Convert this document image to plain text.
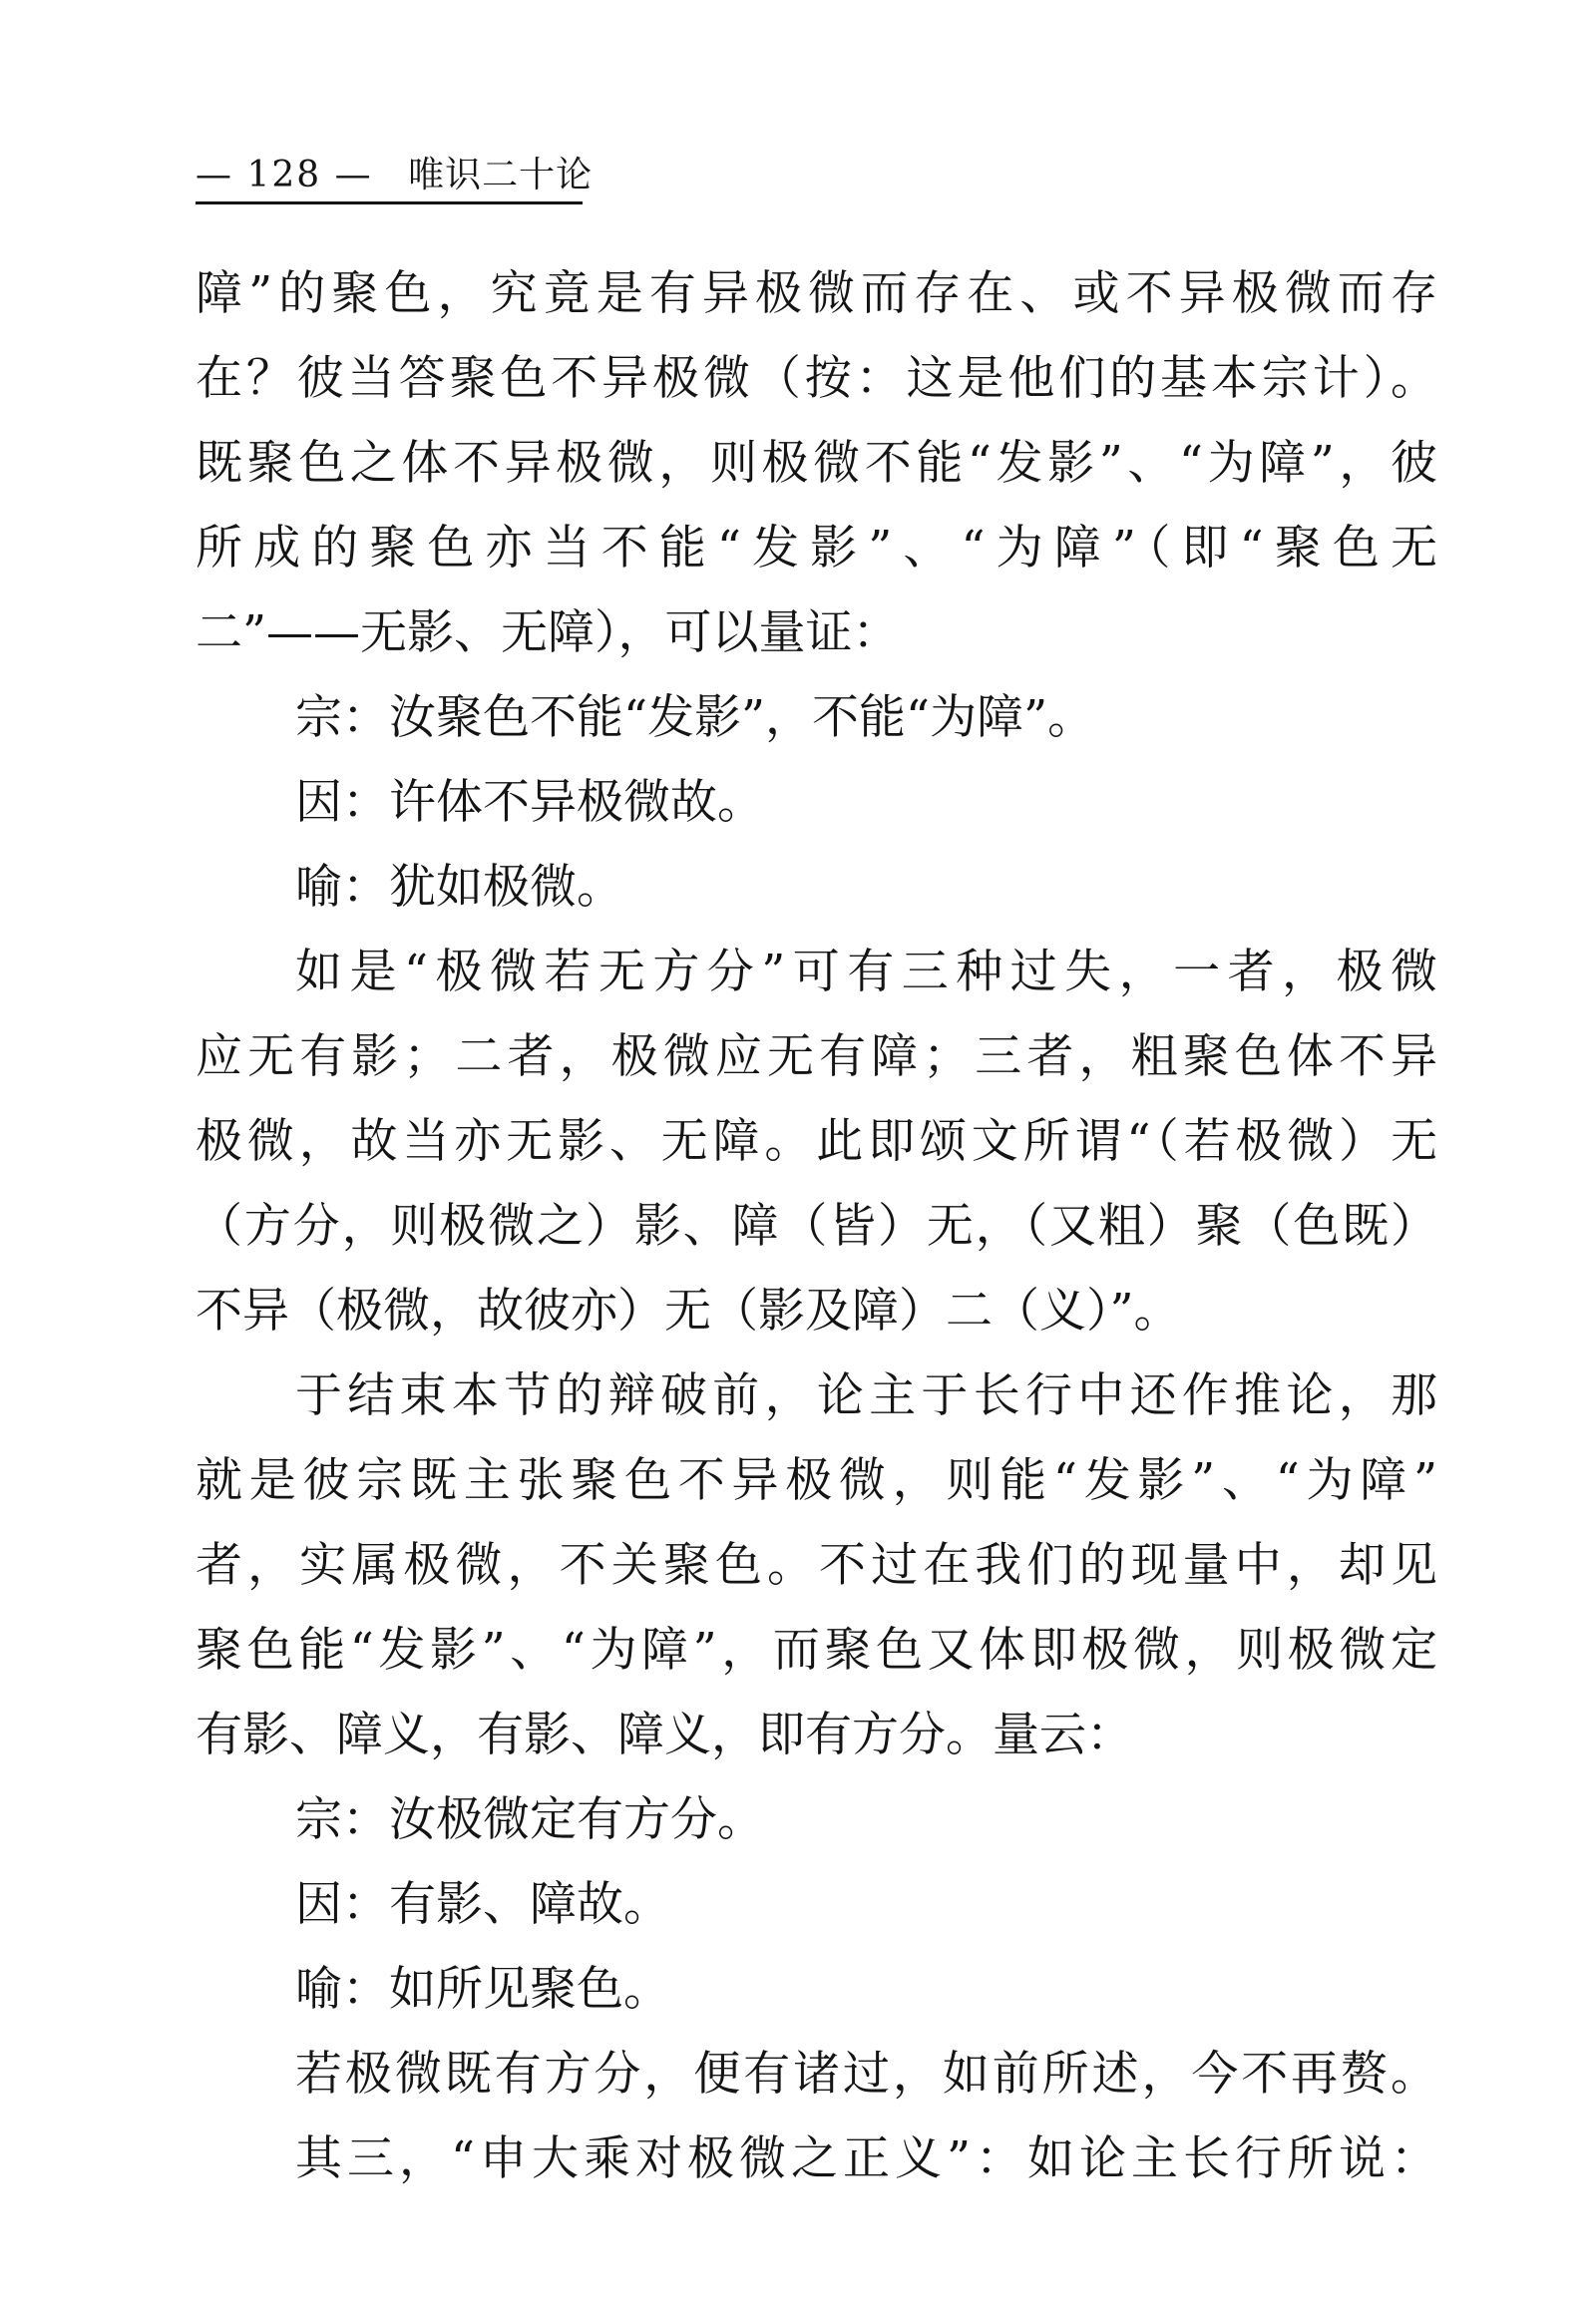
— 128 — 唯识二十论
障”的聚色，究竟是有异极微而存在、或不异极微而存
在？彼当答聚色不异极微（按：这是他们的基本宗计）。
既聚色之体不异极微，则极微不能“发影”、“为障”，彼
所成的聚色亦当不能“发影”、“为障”（即“聚色无
二”——无影、无障），可以量证：
宗：汝聚色不能“发影”，不能“为障”。
因：许体不异极微故。
喻：犹如极微。
如是“极微若无方分”可有三种过失，一者，极微
应无有影；二者，极微应无有障；三者，粗聚色体不异
极微，故当亦无影、无障。此即颂文所谓“（若极微）无
（方分，则极微之）影、障（皆）无，（又粗）聚（色既）
不异（极微，故彼亦）无（影及障）二（义）”。
于结束本节的辩破前，论主于长行中还作推论，那
就是彼宗既主张聚色不异极微，则能“发影”、“为障”
者，实属极微，不关聚色。不过在我们的现量中，却见
聚色能“发影”、“为障”，而聚色又体即极微，则极微定
有影、障义，有影、障义，即有方分。量云：
宗：汝极微定有方分。
因：有影、障故。
喻：如所见聚色。
若极微既有方分，便有诸过，如前所述，今不再赘。
其三，“申大乘对极微之正义”：如论主长行所说：
